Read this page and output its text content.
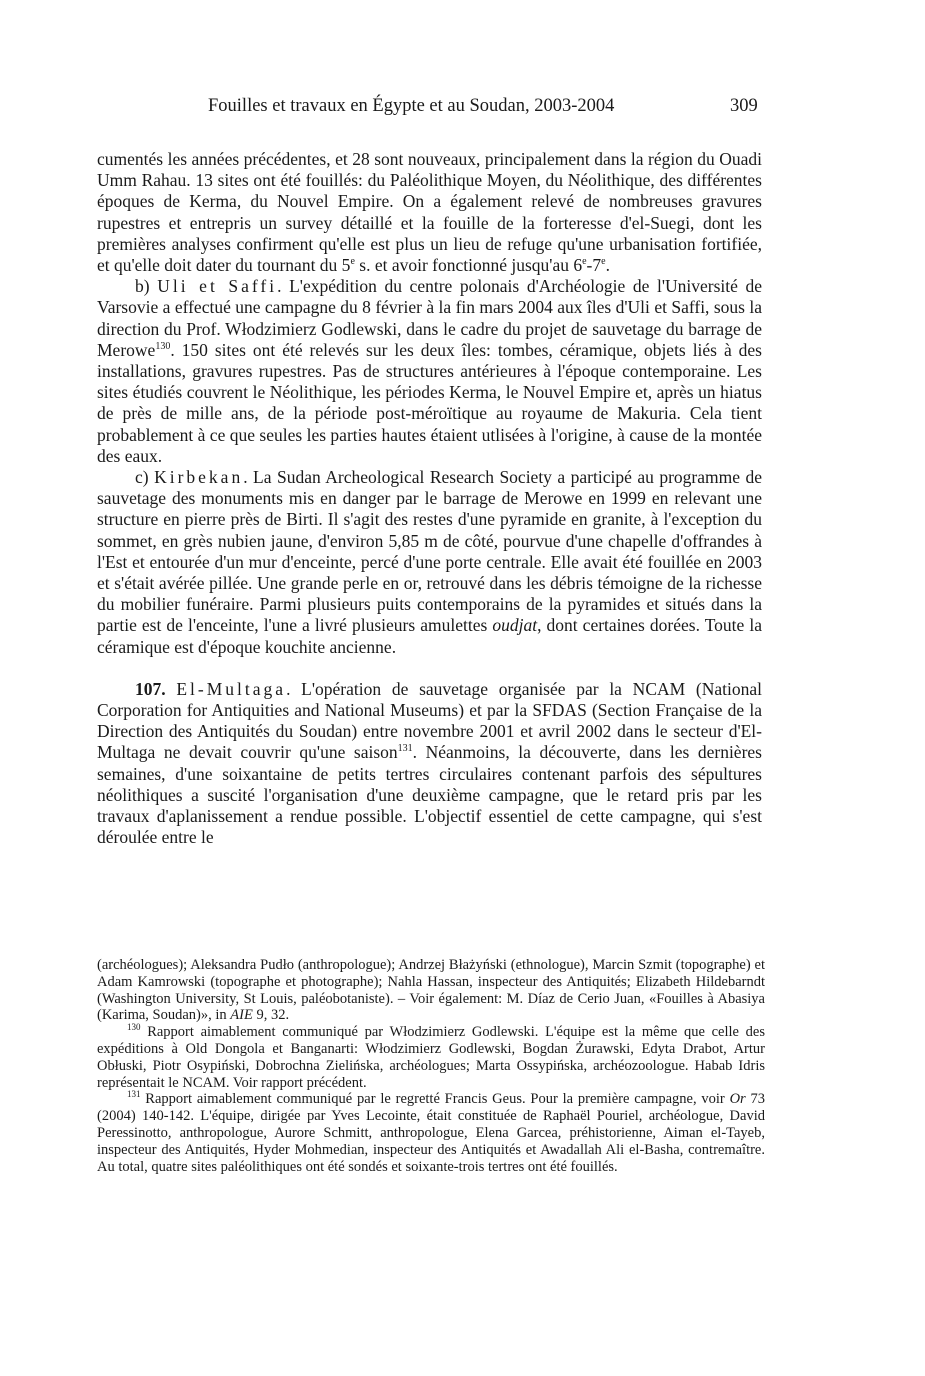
Fouilles et travaux en Égypte et au Soudan, 2003-2004	309

cumentés les années précédentes, et 28 sont nouveaux, principalement dans la région du Ouadi Umm Rahau. 13 sites ont été fouillés: du Paléolithique Moyen, du Néolithique, des différentes époques de Kerma, du Nouvel Empire. On a également relevé de nombreuses gravures rupestres et entrepris un survey détaillé et la fouille de la forteresse d'el-Suegi, dont les premières analyses confirment qu'elle est plus un lieu de refuge qu'une urbanisation fortifiée, et qu'elle doit dater du tournant du 5e s. et avoir fonctionné jusqu'au 6e-7e.

b) Uli et Saffi. L'expédition du centre polonais d'Archéologie de l'Université de Varsovie a effectué une campagne du 8 février à la fin mars 2004 aux îles d'Uli et Saffi, sous la direction du Prof. Włodzimierz Godlewski, dans le cadre du projet de sauvetage du barrage de Merowe$^{130}$. 150 sites ont été relevés sur les deux îles: tombes, céramique, objets liés à des installations, gravures rupestres. Pas de structures antérieures à l'époque contemporaine. Les sites étudiés couvrent le Néolithique, les périodes Kerma, le Nouvel Empire et, après un hiatus de près de mille ans, de la période post-méroïtique au royaume de Makuria. Cela tient probablement à ce que seules les parties hautes étaient utlisées à l'origine, à cause de la montée des eaux.

c) Kirbekan. La Sudan Archeological Research Society a participé au programme de sauvetage des monuments mis en danger par le barrage de Merowe en 1999 en relevant une structure en pierre près de Birti. Il s'agit des restes d'une pyramide en granite, à l'exception du sommet, en grès nubien jaune, d'environ 5,85 m de côté, pourvue d'une chapelle d'offrandes à l'Est et entourée d'un mur d'enceinte, percé d'une porte centrale. Elle avait été fouillée en 2003 et s'était avérée pillée. Une grande perle en or, retrouvé dans les débris témoigne de la richesse du mobilier funéraire. Parmi plusieurs puits contemporains de la pyramides et situés dans la partie est de l'enceinte, l'une a livré plusieurs amulettes oudjat, dont certaines dorées. Toute la céramique est d'époque kouchite ancienne.

107. El-Multaga. L'opération de sauvetage organisée par la NCAM (National Corporation for Antiquities and National Museums) et par la SFDAS (Section Française de la Direction des Antiquités du Soudan) entre novembre 2001 et avril 2002 dans le secteur d'El-Multaga ne devait couvrir qu'une saison$^{131}$. Néanmoins, la découverte, dans les dernières semaines, d'une soixantaine de petits tertres circulaires contenant parfois des sépultures néolithiques a suscité l'organisation d'une deuxième campagne, que le retard pris par les travaux d'aplanissement a rendue possible. L'objectif essentiel de cette campagne, qui s'est déroulée entre le

(archéologues); Aleksandra Pudło (anthropologue); Andrzej Błażyński (ethnologue), Marcin Szmit (topographe) et Adam Kamrowski (topographe et photographe); Nahla Hassan, inspecteur des Antiquités; Elizabeth Hildebarndt (Washington University, St Louis, paléobotaniste). – Voir également: M. Díaz de Cerio Juan, «Fouilles à Abasiya (Karima, Soudan)», in AIE 9, 32.

$^{130}$ Rapport aimablement communiqué par Włodzimierz Godlewski. L'équipe est la même que celle des expéditions à Old Dongola et Banganarti: Włodzimierz Godlewski, Bogdan Żurawski, Edyta Drabot, Artur Obłuski, Piotr Osypiński, Dobrochna Zielińska, archéologues; Marta Ossypińska, archéozoologue. Habab Idris représentait le NCAM. Voir rapport précédent.

$^{131}$ Rapport aimablement communiqué par le regretté Francis Geus. Pour la première campagne, voir Or 73 (2004) 140-142. L'équipe, dirigée par Yves Lecointe, était constituée de Raphaël Pouriel, archéologue, David Peressinotto, anthropologue, Aurore Schmitt, anthropologue, Elena Garcea, préhistorienne, Aiman el-Tayeb, inspecteur des Antiquités, Hyder Mohmedian, inspecteur des Antiquités et Awadallah Ali el-Basha, contremaître. Au total, quatre sites paléolithiques ont été sondés et soixante-trois tertres ont été fouillés.
